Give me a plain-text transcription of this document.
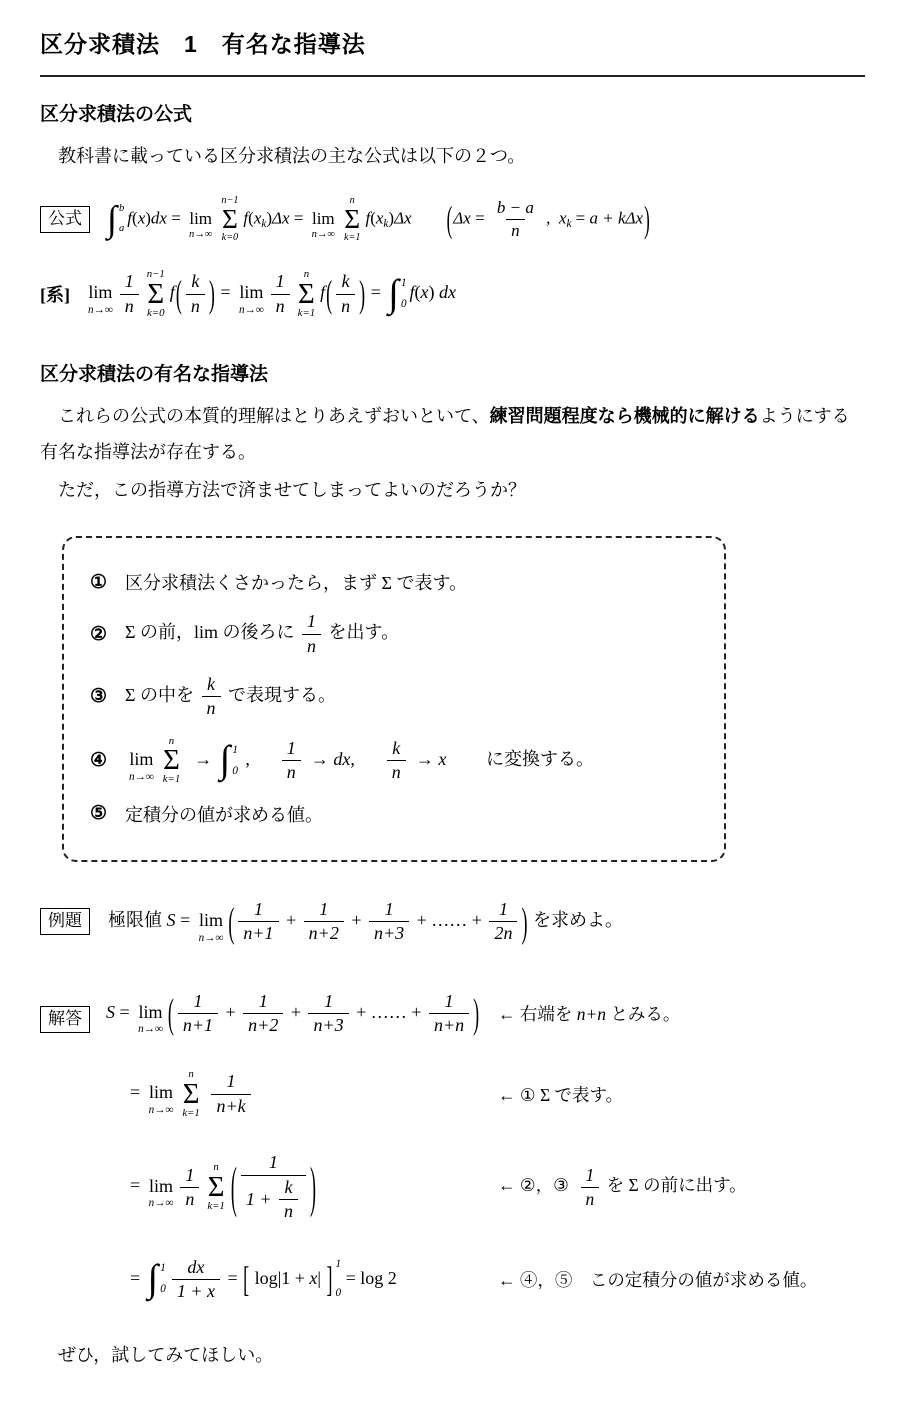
区分求積法　1　有名な指導法
区分求積法の公式

　教科書に載っている区分求積法の主な公式は以下の２つ。

公式 ∫ b
a
f(x)dx = lim
n→∞
n−1
Σ
k=0
f(xk)Δx = lim
n→∞
n
Σ
k=1
f(xk)Δx ($\Delta x = \frac{b - a}{n}$ ,  xk = a + kΔx)
[系] lim
$n\to\infty \frac{1}{n} n-1$
Σ
k=0
$f( \frac{k}{n}$ ) = lim
$n\to\infty \frac{1}{n}$ n
Σ
k=1
$f( \frac{k}{n}$ ) = ∫ 1
0
f(x) dx
区分求積法の有名な指導法

　これらの公式の本質的理解はとりあえずおいといて、練習問題程度なら機械的に解けるようにする有名な指導法が存在する。

　ただ，この指導方法で済ませてしまってよいのだろうか？

① 区分求積法くさかったら，まず Σ で表す。
② Σ の前，lim の後ろに $\frac{1}{n}$ を出す。
③ Σ の中を $\frac{k}{n}$ で表現する。
④ lim
n→∞
n
Σ
k=1
→ ∫ 1
0
, $\frac{1}{n}$ → dx, $\frac{k}{n} \to x$ に変換する。
⑤ 定積分の値が求める値。
例題	極限値 S = lim
n→∞ ( $\frac{1}{n+1} + \frac{1}{n+2} + \frac{1}{n+3}$ + …… + $\frac{1}{2n}$ ) を求めよ。
解答	S = lim
n→∞ ( $\frac{1}{n+1} + \frac{1}{n+2} + \frac{1}{n+3}$ + …… + $\frac{1}{n+n}$ ) ← 右端を n+n とみる。
= lim
n→∞
n
Σ
$k=1 \frac{1}{n+k}$	← ① Σ で表す。
= lim
$n\to\infty \frac{1}{n}$ n
Σ
k=1 ( $\frac{1}{1 + \frac{k}{n}}$ )	← ②，③ $\frac{1}{n}$ を Σ の前に出す。
= ∫ 1
$0 \frac{dx}{1 + x}$ = [ log|1 + x| ] 1
0
= log 2	← ④，⑤　この定積分の値が求める値。

　ぜひ，試してみてほしい。
